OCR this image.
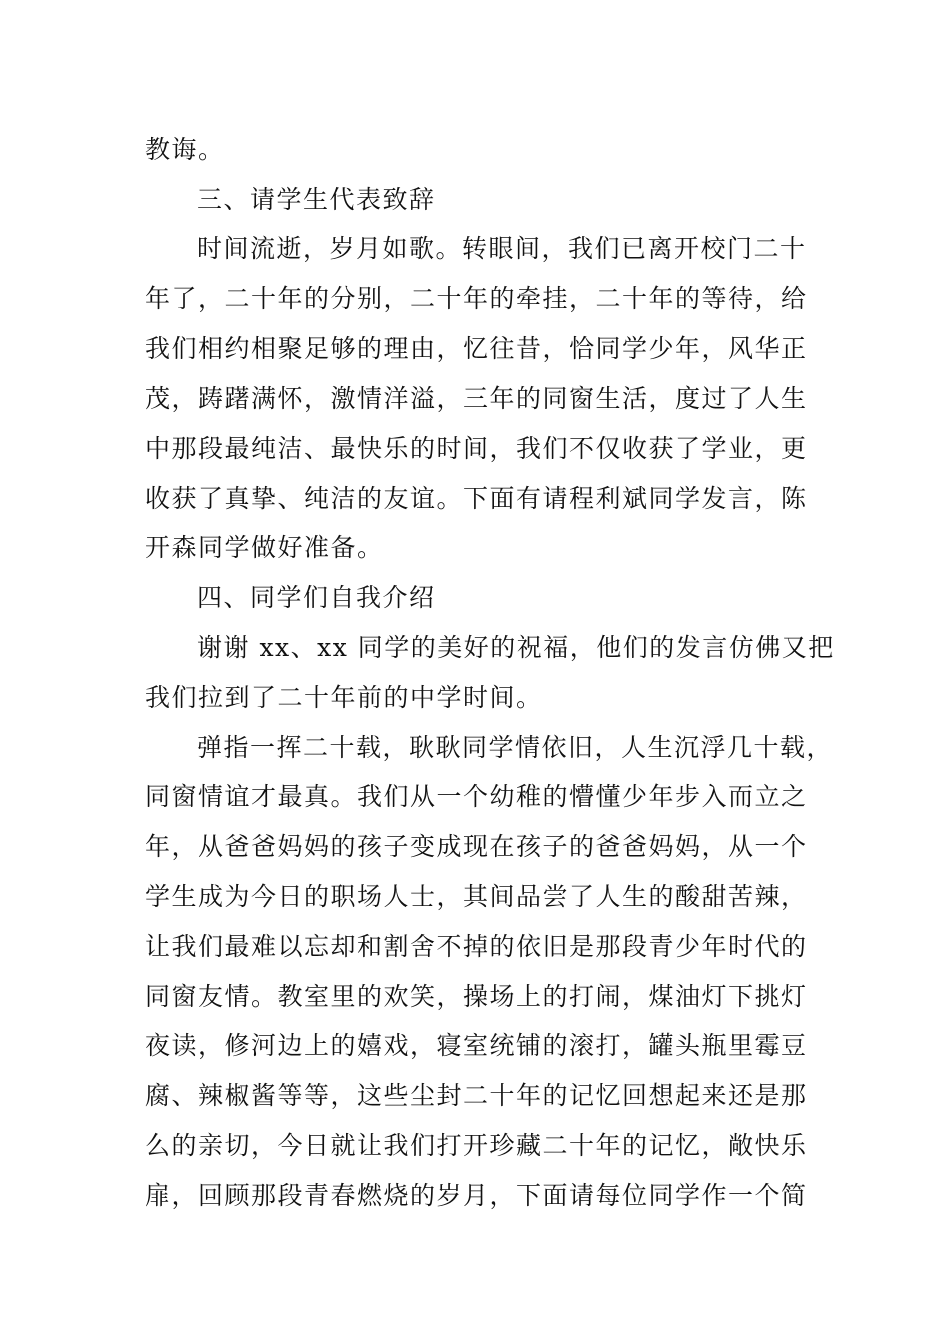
教诲。
三、请学生代表致辞
时间流逝，岁月如歌。转眼间，我们已离开校门二十
年了，二十年的分别，二十年的牵挂，二十年的等待，给
我们相约相聚足够的理由，忆往昔，恰同学少年，风华正
茂，踌躇满怀，激情洋溢，三年的同窗生活，度过了人生
中那段最纯洁、最快乐的时间，我们不仅收获了学业，更
收获了真挚、纯洁的友谊。下面有请程利斌同学发言，陈
开森同学做好准备。
四、同学们自我介绍
谢谢 xx、xx 同学的美好的祝福，他们的发言仿佛又把
我们拉到了二十年前的中学时间。
弹指一挥二十载，耿耿同学情依旧，人生沉浮几十载，
同窗情谊才最真。我们从一个幼稚的懵懂少年步入而立之
年，从爸爸妈妈的孩子变成现在孩子的爸爸妈妈，从一个
学生成为今日的职场人士，其间品尝了人生的酸甜苦辣，
让我们最难以忘却和割舍不掉的依旧是那段青少年时代的
同窗友情。教室里的欢笑，操场上的打闹，煤油灯下挑灯
夜读，修河边上的嬉戏，寝室统铺的滚打，罐头瓶里霉豆
腐、辣椒酱等等，这些尘封二十年的记忆回想起来还是那
么的亲切，今日就让我们打开珍藏二十年的记忆，敞快乐
扉，回顾那段青春燃烧的岁月，下面请每位同学作一个简
